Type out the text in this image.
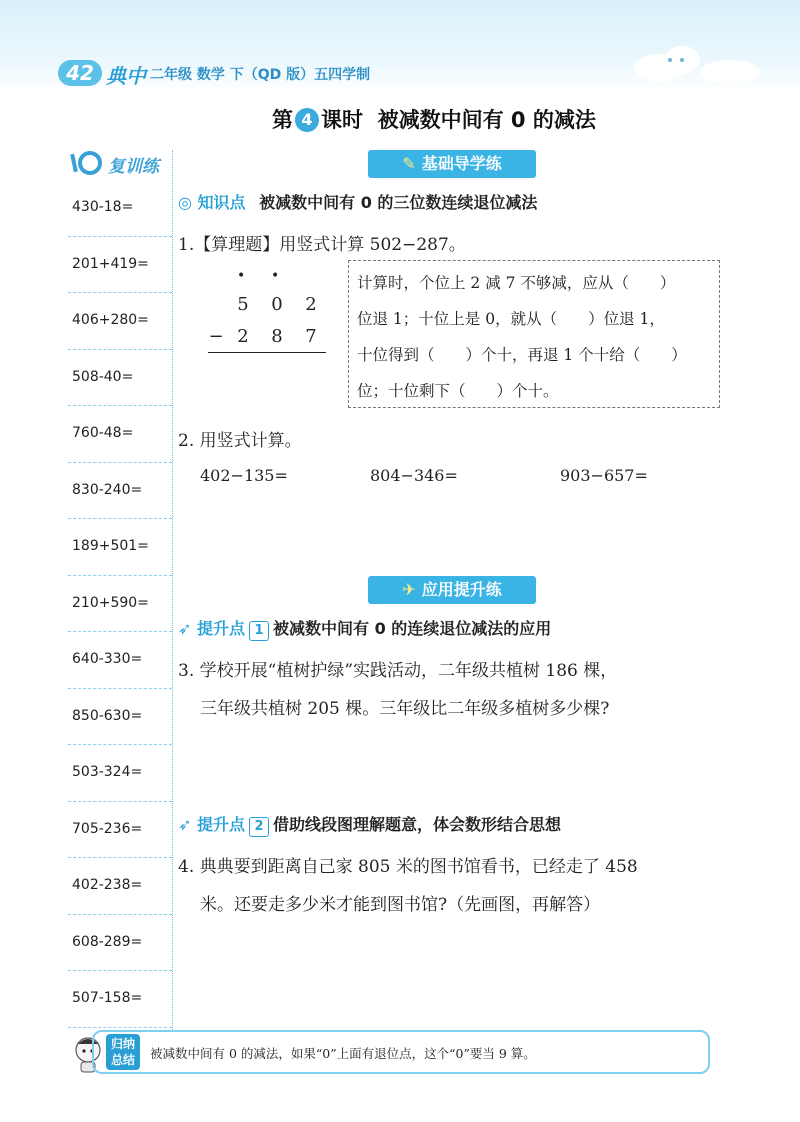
42 典中 二年级 数学 下（QD 版）五四学制
第 4 课时 被减数中间有 0 的减法
复训练
430-18=
201+419=
406+280=
508-40=
760-48=
830-240=
189+501=
210+590=
640-330=
850-630=
503-324=
705-236=
402-238=
608-289=
507-158=
✎ 基础导学练
◎ 知识点 被减数中间有 0 的三位数连续退位减法
1.【算理题】用竖式计算 502−287。
• •
5 0 2
− 2 8 7
计算时，个位上 2 减 7 不够减，应从（　　）
位退 1；十位上是 0，就从（　　）位退 1，
十位得到（　　）个十，再退 1 个十给（　　）
位；十位剩下（　　）个十。
2. 用竖式计算。
402−135=	804−346=	903−657=
✈ 应用提升练
➶ 提升点 1 被减数中间有 0 的连续退位减法的应用
3. 学校开展“植树护绿”实践活动，二年级共植树 186 棵，
三年级共植树 205 棵。三年级比二年级多植树多少棵?
➶ 提升点 2 借助线段图理解题意，体会数形结合思想
4. 典典要到距离自己家 805 米的图书馆看书，已经走了 458
米。还要走多少米才能到图书馆?（先画图，再解答）
归纳总结	被减数中间有 0 的减法，如果“0”上面有退位点，这个“0”要当 9 算。
